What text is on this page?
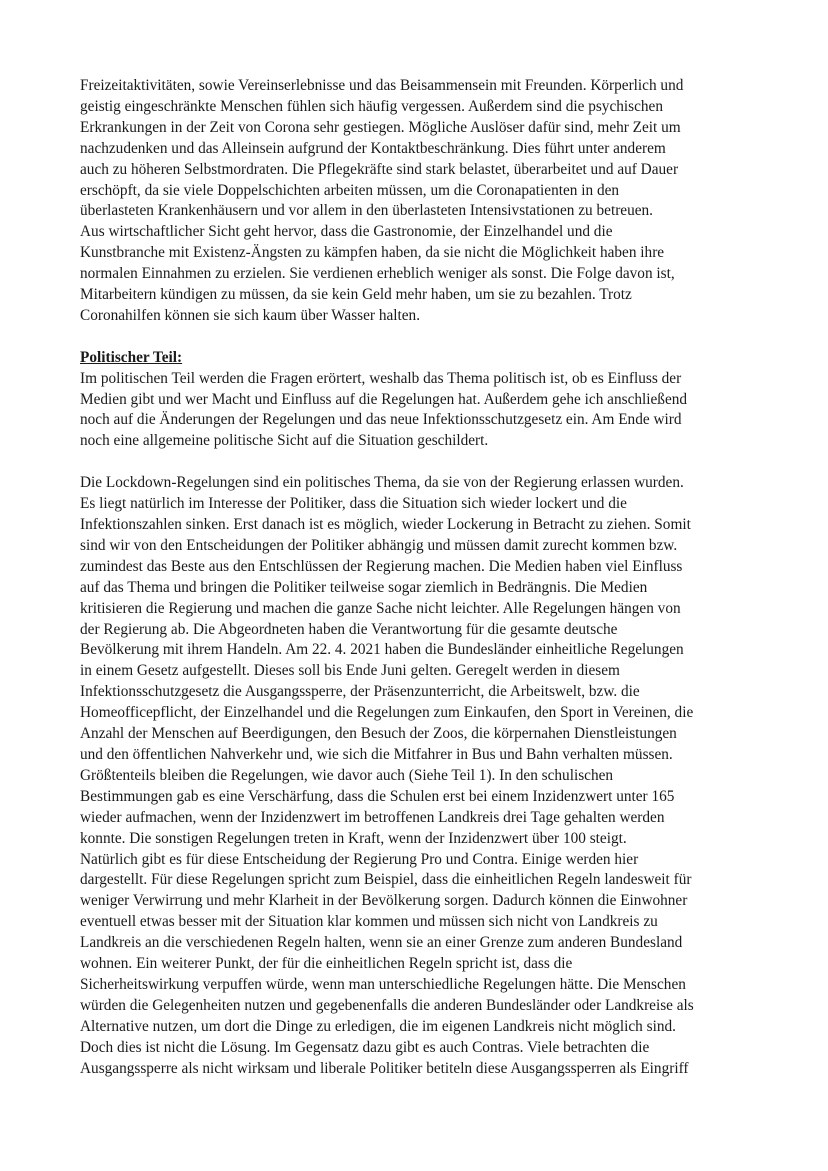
Freizeitaktivitäten, sowie Vereinserlebnisse und das Beisammensein mit Freunden. Körperlich und
geistig eingeschränkte Menschen fühlen sich häufig vergessen. Außerdem sind die psychischen
Erkrankungen in der Zeit von Corona sehr gestiegen. Mögliche Auslöser dafür sind, mehr Zeit um
nachzudenken und das Alleinsein aufgrund der Kontaktbeschränkung. Dies führt unter anderem
auch zu höheren Selbstmordraten. Die Pflegekräfte sind stark belastet, überarbeitet und auf Dauer
erschöpft, da sie viele Doppelschichten arbeiten müssen, um die Coronapatienten in den
überlasteten Krankenhäusern und vor allem in den überlasteten Intensivstationen zu betreuen.
Aus wirtschaftlicher Sicht geht hervor, dass die Gastronomie, der Einzelhandel und die
Kunstbranche mit Existenz-Ängsten zu kämpfen haben, da sie nicht die Möglichkeit haben ihre
normalen Einnahmen zu erzielen. Sie verdienen erheblich weniger als sonst. Die Folge davon ist,
Mitarbeitern kündigen zu müssen, da sie kein Geld mehr haben, um sie zu bezahlen. Trotz
Coronahilfen können sie sich kaum über Wasser halten.
Politischer Teil:
Im politischen Teil werden die Fragen erörtert, weshalb das Thema politisch ist, ob es Einfluss der
Medien gibt und wer Macht und Einfluss auf die Regelungen hat. Außerdem gehe ich anschließend
noch auf die Änderungen der Regelungen und das neue Infektionsschutzgesetz ein. Am Ende wird
noch eine allgemeine politische Sicht auf die Situation geschildert.
Die Lockdown-Regelungen sind ein politisches Thema, da sie von der Regierung erlassen wurden.
Es liegt natürlich im Interesse der Politiker, dass die Situation sich wieder lockert und die
Infektionszahlen sinken. Erst danach ist es möglich, wieder Lockerung in Betracht zu ziehen. Somit
sind wir von den Entscheidungen der Politiker abhängig und müssen damit zurecht kommen bzw.
zumindest das Beste aus den Entschlüssen der Regierung machen. Die Medien haben viel Einfluss
auf das Thema und bringen die Politiker teilweise sogar ziemlich in Bedrängnis. Die Medien
kritisieren die Regierung und machen die ganze Sache nicht leichter. Alle Regelungen hängen von
der Regierung ab. Die Abgeordneten haben die Verantwortung für die gesamte deutsche
Bevölkerung mit ihrem Handeln. Am 22. 4. 2021 haben die Bundesländer einheitliche Regelungen
in einem Gesetz aufgestellt. Dieses soll bis Ende Juni gelten. Geregelt werden in diesem
Infektionsschutzgesetz die Ausgangssperre, der Präsenzunterricht, die Arbeitswelt, bzw. die
Homeofficepflicht, der Einzelhandel und die Regelungen zum Einkaufen, den Sport in Vereinen, die
Anzahl der Menschen auf Beerdigungen, den Besuch der Zoos, die körpernahen Dienstleistungen
und den öffentlichen Nahverkehr und, wie sich die Mitfahrer in Bus und Bahn verhalten müssen.
Größtenteils bleiben die Regelungen, wie davor auch (Siehe Teil 1). In den schulischen
Bestimmungen gab es eine Verschärfung, dass die Schulen erst bei einem Inzidenzwert unter 165
wieder aufmachen, wenn der Inzidenzwert im betroffenen Landkreis drei Tage gehalten werden
konnte. Die sonstigen Regelungen treten in Kraft, wenn der Inzidenzwert über 100 steigt.
Natürlich gibt es für diese Entscheidung der Regierung Pro und Contra. Einige werden hier
dargestellt. Für diese Regelungen spricht zum Beispiel, dass die einheitlichen Regeln landesweit für
weniger Verwirrung und mehr Klarheit in der Bevölkerung sorgen. Dadurch können die Einwohner
eventuell etwas besser mit der Situation klar kommen und müssen sich nicht von Landkreis zu
Landkreis an die verschiedenen Regeln halten, wenn sie an einer Grenze zum anderen Bundesland
wohnen. Ein weiterer Punkt, der für die einheitlichen Regeln spricht ist, dass die
Sicherheitswirkung verpuffen würde, wenn man unterschiedliche Regelungen hätte. Die Menschen
würden die Gelegenheiten nutzen und gegebenenfalls die anderen Bundesländer oder Landkreise als
Alternative nutzen, um dort die Dinge zu erledigen, die im eigenen Landkreis nicht möglich sind.
Doch dies ist nicht die Lösung. Im Gegensatz dazu gibt es auch Contras. Viele betrachten die
Ausgangssperre als nicht wirksam und liberale Politiker betiteln diese Ausgangssperren als Eingriff
